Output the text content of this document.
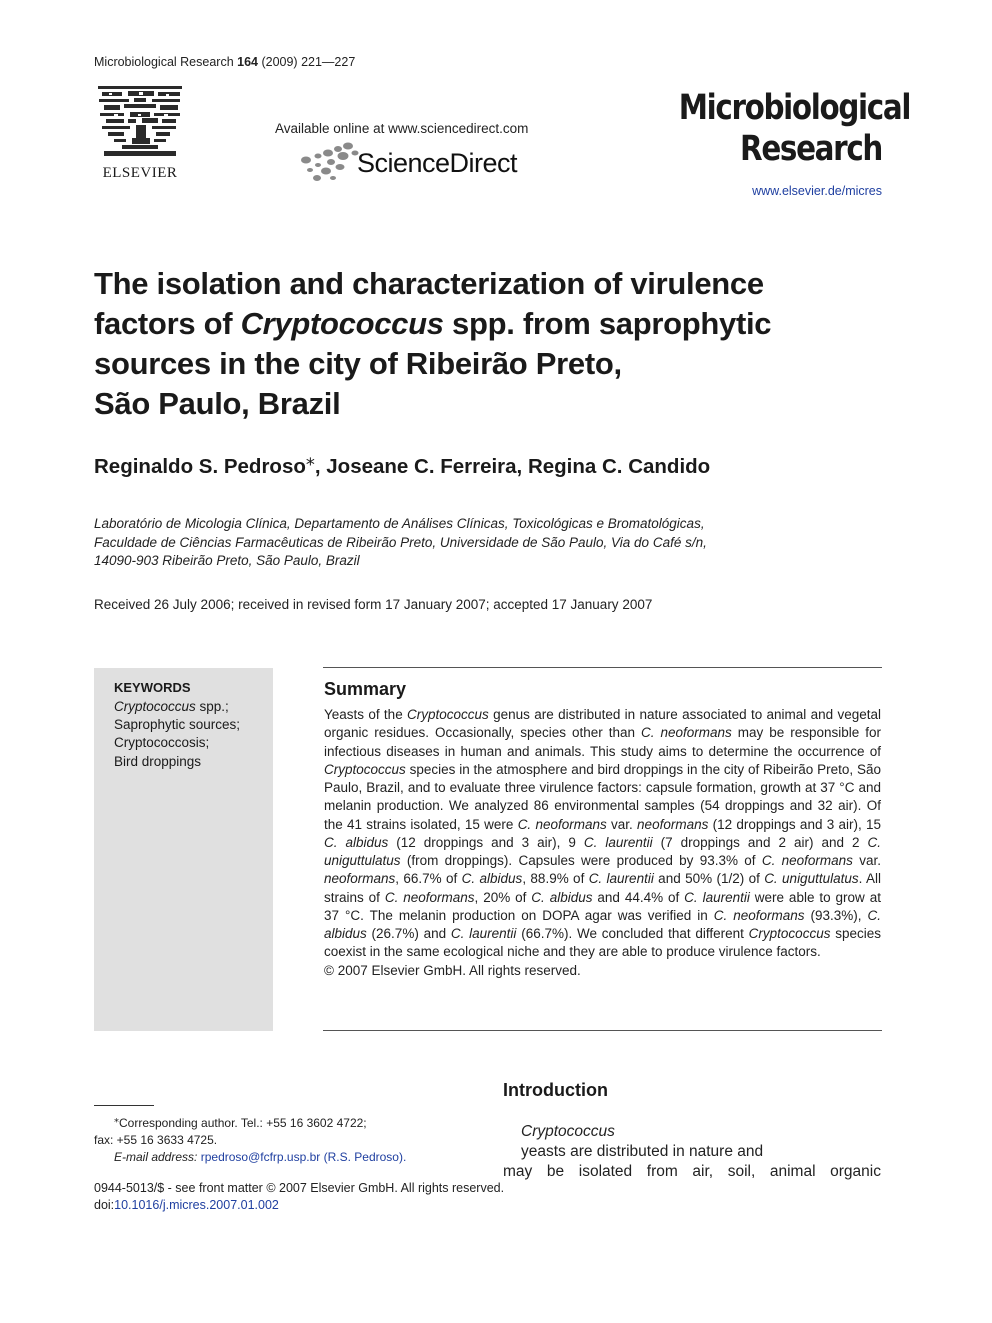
Microbiological Research 164 (2009) 221—227
ELSEVIER
Available online at www.sciencedirect.com
ScienceDirect
Microbiological
Research
www.elsevier.de/micres
The isolation and characterization of virulence
factors of Cryptococcus spp. from saprophytic
sources in the city of Ribeirão Preto,
São Paulo, Brazil
Reginaldo S. Pedroso⁎, Joseane C. Ferreira, Regina C. Candido
Laboratório de Micologia Clínica, Departamento de Análises Clínicas, Toxicológicas e Bromatológicas,
Faculdade de Ciências Farmacêuticas de Ribeirão Preto, Universidade de São Paulo, Via do Café s/n,
14090-903 Ribeirão Preto, São Paulo, Brazil
Received 26 July 2006; received in revised form 17 January 2007; accepted 17 January 2007
KEYWORDS
Cryptococcus spp.;
Saprophytic sources;
Cryptococcosis;
Bird droppings
Summary
Yeasts of the Cryptococcus genus are distributed in nature associated to animal and vegetal organic residues. Occasionally, species other than C. neoformans may be responsible for infectious diseases in human and animals. This study aims to determine the occurrence of Cryptococcus species in the atmosphere and bird droppings in the city of Ribeirão Preto, São Paulo, Brazil, and to evaluate three virulence factors: capsule formation, growth at 37 °C and melanin production. We analyzed 86 environmental samples (54 droppings and 32 air). Of the 41 strains isolated, 15 were C. neoformans var. neoformans (12 droppings and 3 air), 15 C. albidus (12 droppings and 3 air), 9 C. laurentii (7 droppings and 2 air) and 2 C. uniguttulatus (from droppings). Capsules were produced by 93.3% of C. neoformans var. neoformans, 66.7% of C. albidus, 88.9% of C. laurentii and 50% (1/2) of C. uniguttulatus. All strains of C. neoformans, 20% of C. albidus and 44.4% of C. laurentii were able to grow at 37 °C. The melanin production on DOPA agar was verified in C. neoformans (93.3%), C. albidus (26.7%) and C. laurentii (66.7%). We concluded that different Cryptococcus species coexist in the same ecological niche and they are able to produce virulence factors.
© 2007 Elsevier GmbH. All rights reserved.
⁎Corresponding author. Tel.: +55 16 3602 4722;
fax: +55 16 3633 4725.
E-mail address: rpedroso@fcfrp.usp.br (R.S. Pedroso).
Introduction
Cryptococcus
yeasts are distributed in nature and
may be isolated from air, soil, animal organic
0944-5013/$ - see front matter © 2007 Elsevier GmbH. All rights reserved.
doi:10.1016/j.micres.2007.01.002
